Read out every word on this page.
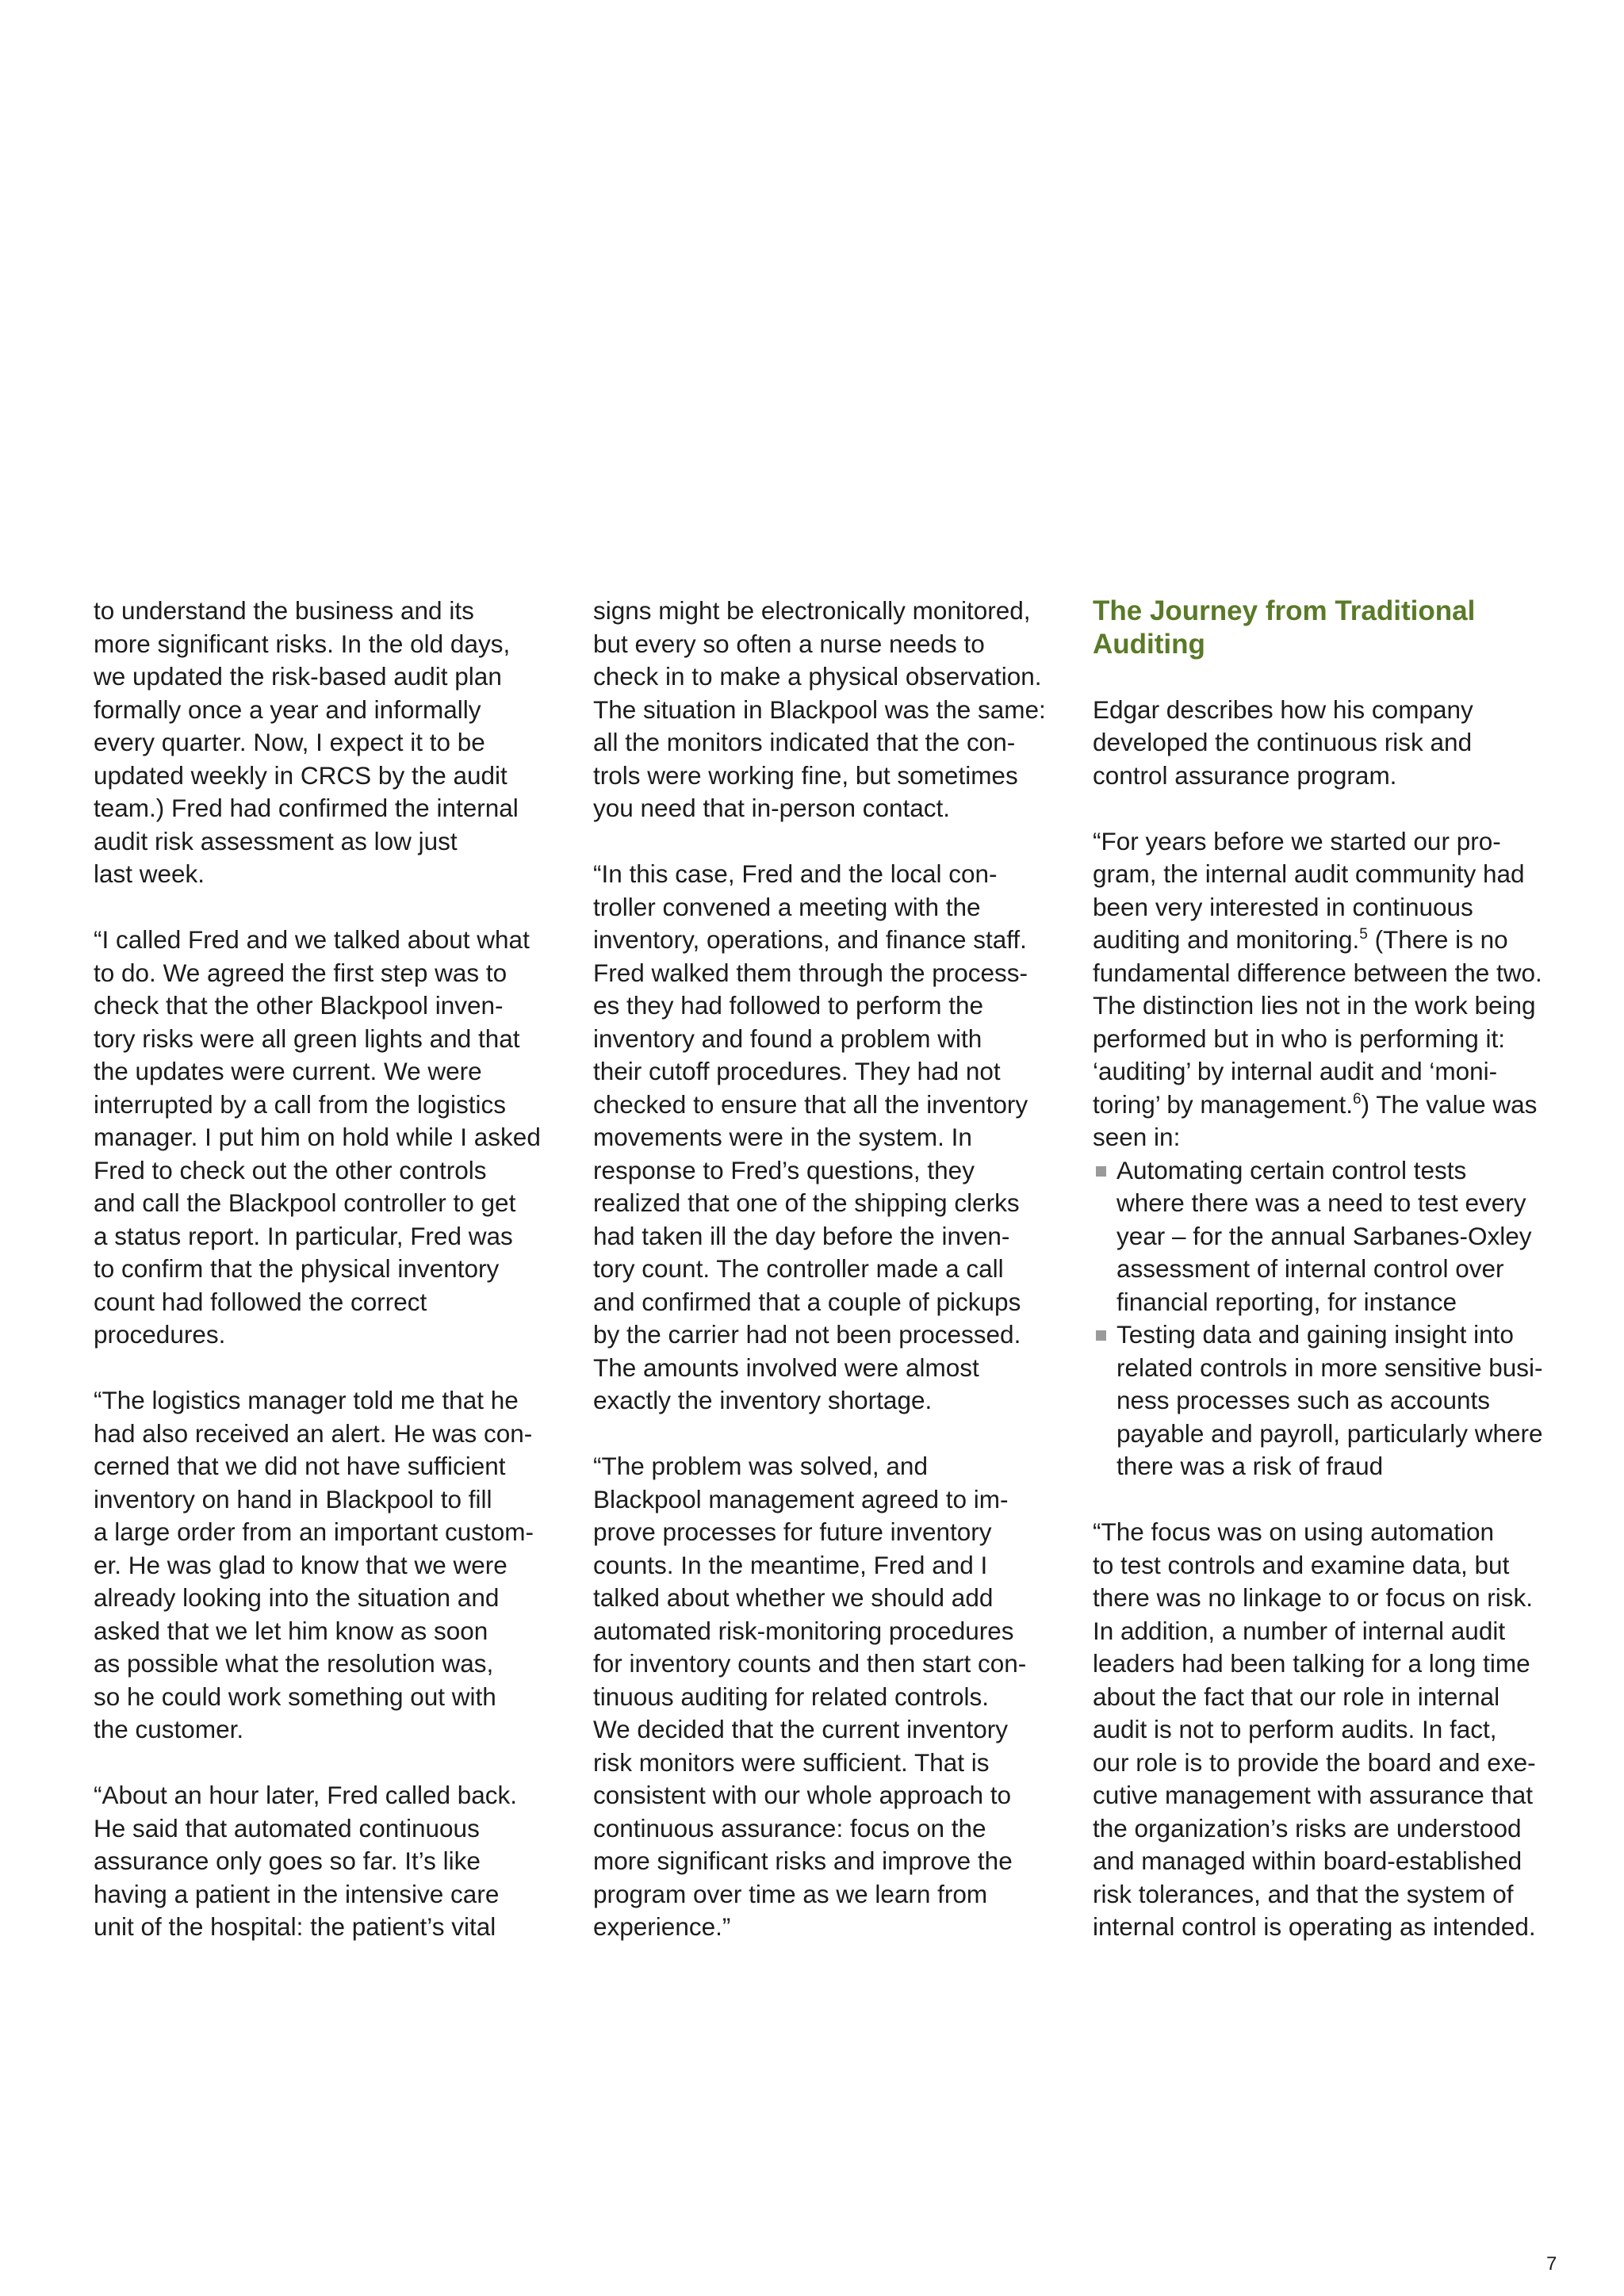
to understand the business and its
more significant risks. In the old days,
we updated the risk-based audit plan
formally once a year and informally
every quarter. Now, I expect it to be
updated weekly in CRCS by the audit
team.) Fred had confirmed the internal
audit risk assessment as low just
last week.
“I called Fred and we talked about what
to do. We agreed the first step was to
check that the other Blackpool inven-
tory risks were all green lights and that
the updates were current. We were
interrupted by a call from the logistics
manager. I put him on hold while I asked
Fred to check out the other controls
and call the Blackpool controller to get
a status report. In particular, Fred was
to confirm that the physical inventory
count had followed the correct
procedures.
“The logistics manager told me that he
had also received an alert. He was con-
cerned that we did not have sufficient
inventory on hand in Blackpool to fill
a large order from an important custom-
er. He was glad to know that we were
already looking into the situation and
asked that we let him know as soon
as possible what the resolution was,
so he could work something out with
the customer.
“About an hour later, Fred called back.
He said that automated continuous
assurance only goes so far. It’s like
having a patient in the intensive care
unit of the hospital: the patient’s vital
signs might be electronically monitored,
but every so often a nurse needs to
check in to make a physical observation.
The situation in Blackpool was the same:
all the monitors indicated that the con-
trols were working fine, but sometimes
you need that in-person contact.
“In this case, Fred and the local con-
troller convened a meeting with the
inventory, operations, and finance staff.
Fred walked them through the process-
es they had followed to perform the
inventory and found a problem with
their cutoff procedures. They had not
checked to ensure that all the inventory
movements were in the system. In
response to Fred’s questions, they
realized that one of the shipping clerks
had taken ill the day before the inven-
tory count. The controller made a call
and confirmed that a couple of pickups
by the carrier had not been processed.
The amounts involved were almost
exactly the inventory shortage.
“The problem was solved, and
Blackpool management agreed to im-
prove processes for future inventory
counts. In the meantime, Fred and I
talked about whether we should add
automated risk-monitoring procedures
for inventory counts and then start con-
tinuous auditing for related controls.
We decided that the current inventory
risk monitors were sufficient. That is
consistent with our whole approach to
continuous assurance: focus on the
more significant risks and improve the
program over time as we learn from
experience.”
The Journey from Traditional
Auditing
Edgar describes how his company
developed the continuous risk and
control assurance program.
“For years before we started our pro-
gram, the internal audit community had
been very interested in continuous
auditing and monitoring.$^5$ (There is no
fundamental difference between the two.
The distinction lies not in the work being
performed but in who is performing it:
‘auditing’ by internal audit and ‘moni-
toring’ by management.$^6$) The value was
seen in:
Automating certain control tests
where there was a need to test every
year – for the annual Sarbanes-Oxley
assessment of internal control over
financial reporting, for instance
Testing data and gaining insight into
related controls in more sensitive busi-
ness processes such as accounts
payable and payroll, particularly where
there was a risk of fraud
“The focus was on using automation
to test controls and examine data, but
there was no linkage to or focus on risk.
In addition, a number of internal audit
leaders had been talking for a long time
about the fact that our role in internal
audit is not to perform audits. In fact,
our role is to provide the board and exe-
cutive management with assurance that
the organization’s risks are understood
and managed within board-established
risk tolerances, and that the system of
internal control is operating as intended.
7
